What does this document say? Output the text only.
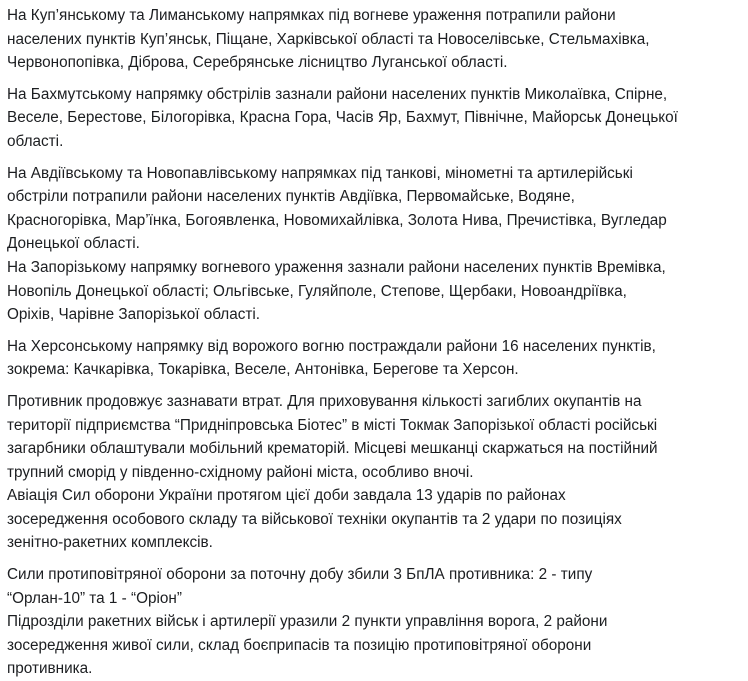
На Куп’янському та Лиманському напрямках під вогневе ураження потрапили райони
населених пунктів Куп’янськ, Піщане, Харківської області та Новоселівське, Стельмахівка,
Червонопопівка, Діброва, Серебрянське лісництво Луганської області.

На Бахмутському напрямку обстрілів зазнали райони населених пунктів Миколаївка, Спірне,
Веселе, Берестове, Білогорівка, Красна Гора, Часів Яр, Бахмут, Північне, Майорськ Донецької
області.

На Авдіївському та Новопавлівському напрямках під танкові, мінометні та артилерійські
обстріли потрапили райони населених пунктів Авдіївка, Первомайське, Водяне,
Красногорівка, Мар’їнка, Богоявленка, Новомихайлівка, Золота Нива, Пречистівка, Вугледар
Донецької області.

На Запорізькому напрямку вогневого ураження зазнали райони населених пунктів Времівка,
Новопіль Донецької області; Ольгівське, Гуляйполе, Степове, Щербаки, Новоандріївка,
Оріхів, Чарівне Запорізької області.

На Херсонському напрямку від ворожого вогню постраждали райони 16 населених пунктів,
зокрема: Качкарівка, Токарівка, Веселе, Антонівка, Берегове та Херсон.

Противник продовжує зазнавати втрат. Для приховування кількості загиблих окупантів на
території підприємства “Придніпровська Біотес” в місті Токмак Запорізької області російські
загарбники облаштували мобільний крематорій. Місцеві мешканці скаржаться на постійний
трупний сморід у південно-східному районі міста, особливо вночі.

Авіація Сил оборони України протягом цієї доби завдала 13 ударів по районах
зосередження особового складу та військової техніки окупантів та 2 удари по позиціях
зенітно-ракетних комплексів.

Сили протиповітряної оборони за поточну добу збили 3 БпЛА противника: 2 - типу
“Орлан-10” та 1 - “Оріон”

Підрозділи ракетних військ і артилерії уразили 2 пункти управління ворога, 2 райони
зосередження живої сили, склад боєприпасів та позицію протиповітряної оборони
противника.
